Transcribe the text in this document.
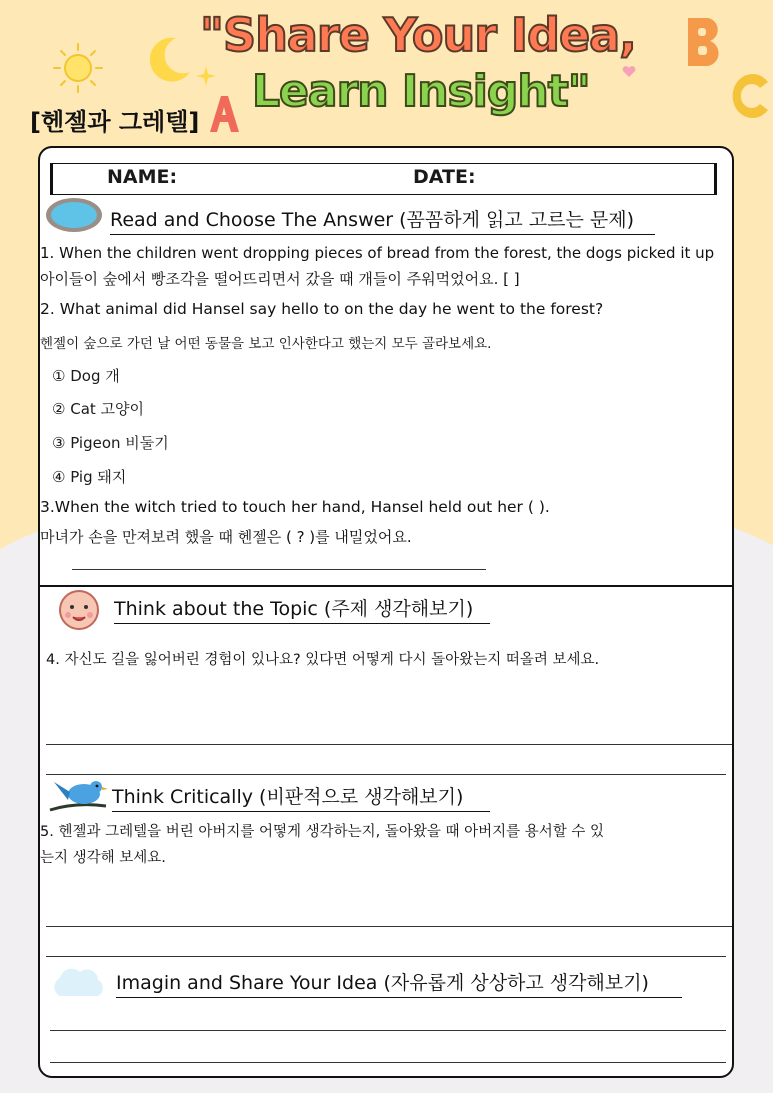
"Share Your Idea,
Learn Insight"
[헨젤과 그레텔]
NAME:	DATE:
Read and Choose The Answer (꼼꼼하게 읽고 고르는 문제)
1. When the children went dropping pieces of bread from the forest, the dogs picked it up
아이들이 숲에서 빵조각을 떨어뜨리면서 갔을 때 개들이 주워먹었어요. [ ]
2. What animal did Hansel say hello to on the day he went to the forest?
헨젤이 숲으로 가던 날 어떤 동물을 보고 인사한다고 했는지 모두 골라보세요.
① Dog 개
② Cat 고양이
③ Pigeon 비둘기
④ Pig 돼지
3.When the witch tried to touch her hand, Hansel held out her ( ).
마녀가 손을 만져보려 했을 때 헨젤은 ( ? )를 내밀었어요.
Think about the Topic (주제 생각해보기)
4. 자신도 길을 잃어버린 경험이 있나요? 있다면 어떻게 다시 돌아왔는지 떠올려 보세요.
Think Critically (비판적으로 생각해보기)
5. 헨젤과 그레텔을 버린 아버지를 어떻게 생각하는지, 돌아왔을 때 아버지를 용서할 수 있
는지 생각해 보세요.
Imagin and Share Your Idea (자유롭게 상상하고 생각해보기)
